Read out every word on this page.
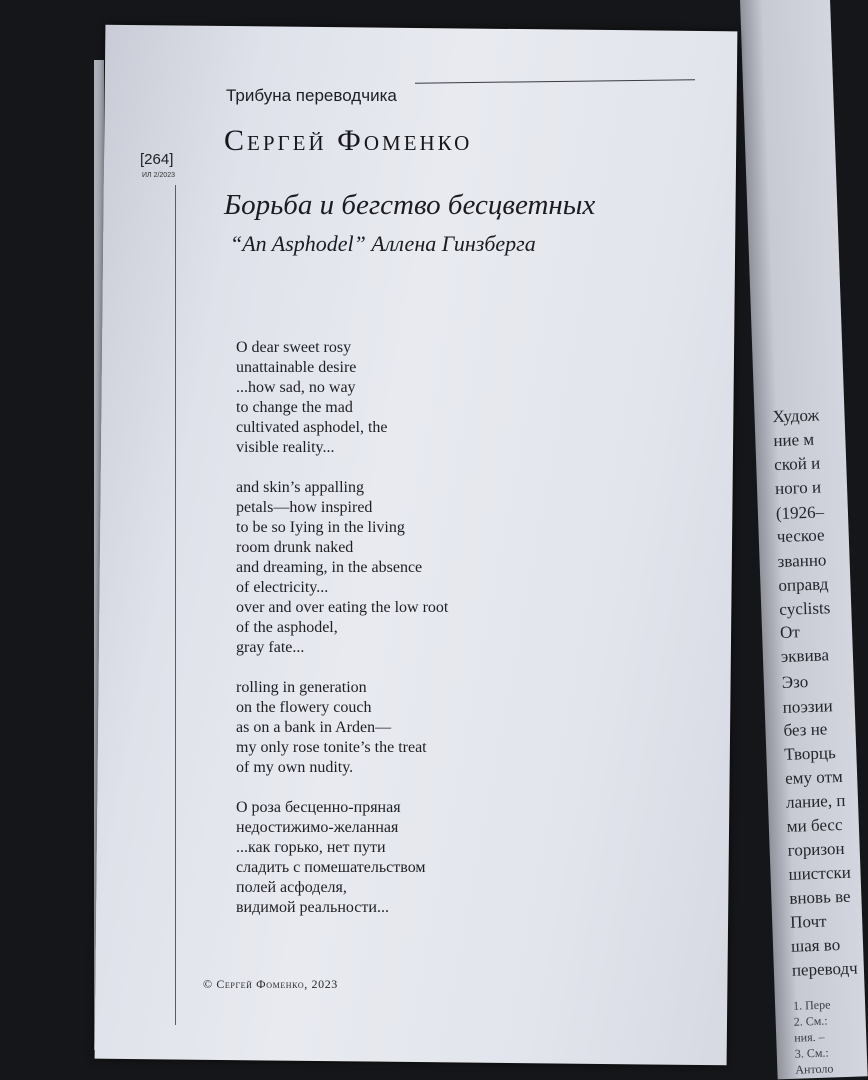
Худож
ние м
ской и
ного и
(1926–
ческое
званно
оправд
cyclists
От
эквива
Эзо
поэзии
без не
Творць
ему отм
лание, п
ми бесс
горизон
шистски
вновь ве
Почт
шая во
переводч
1. Пере
2. См.:
ния. –
3. См.:
Антоло
Трибуна переводчика
Сергей Фоменко
[264]
ИЛ 2/2023
Борьба и бегство бесцветных
“An Asphodel” Аллена Гинзберга
O dear sweet rosy
unattainable desire
...how sad, no way
to change the mad
cultivated asphodel, the
visible reality...
and skin’s appalling
petals—how inspired
to be so Iying in the living
room drunk naked
and dreaming, in the absence
of electricity...
over and over eating the low root
of the asphodel,
gray fate...
rolling in generation
on the flowery couch
as on a bank in Arden—
my only rose tonite’s the treat
of my own nudity.
О роза бесценно-пряная
недостижимо-желанная
...как горько, нет пути
сладить с помешательством
полей асфоделя,
видимой реальности...
© Сергей Фоменко, 2023
